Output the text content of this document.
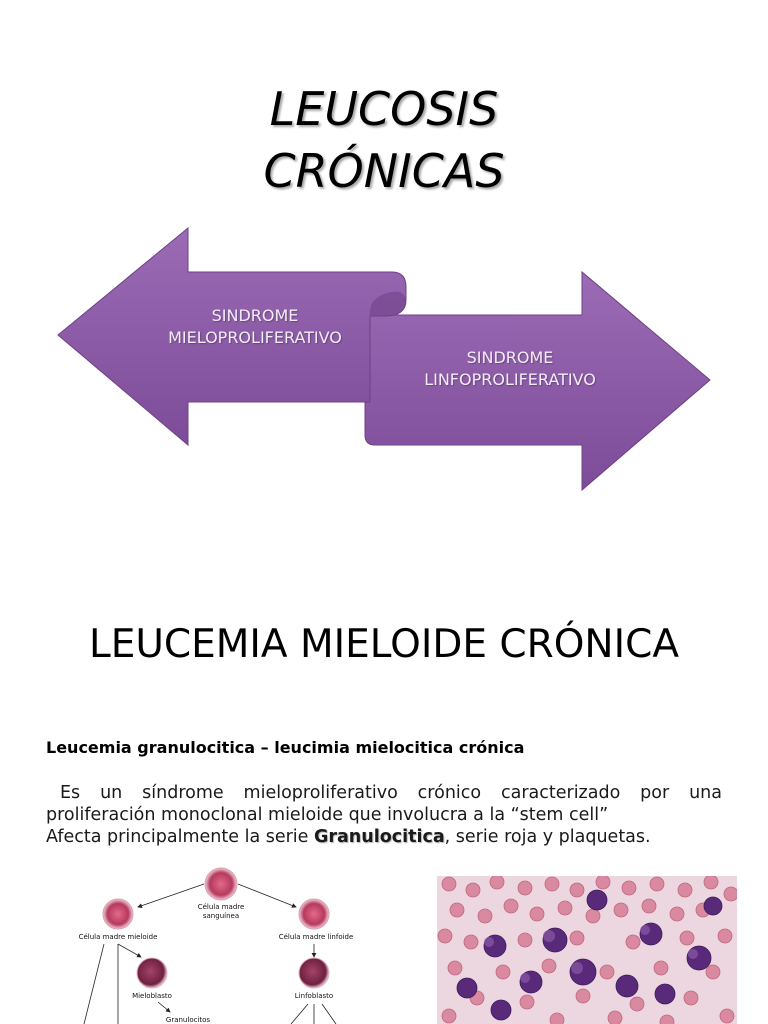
LEUCOSIS
CRÓNICAS
SINDROME
MIELOPROLIFERATIVO
SINDROME
LINFOPROLIFERATIVO
LEUCEMIA MIELOIDE CRÓNICA
Leucemia granulocitica – leucimia mielocitica crónica
Es un síndrome mieloproliferativo crónico caracterizado por una
proliferación monoclonal mieloide que involucra a la “stem cell”
Afecta principalmente la serie Granulocitica, serie roja y plaquetas.
Célula madre
sanguínea
Célula madre mieloide	Célula madre linfoide
Mieloblasto
Granulocitos
Linfoblasto
